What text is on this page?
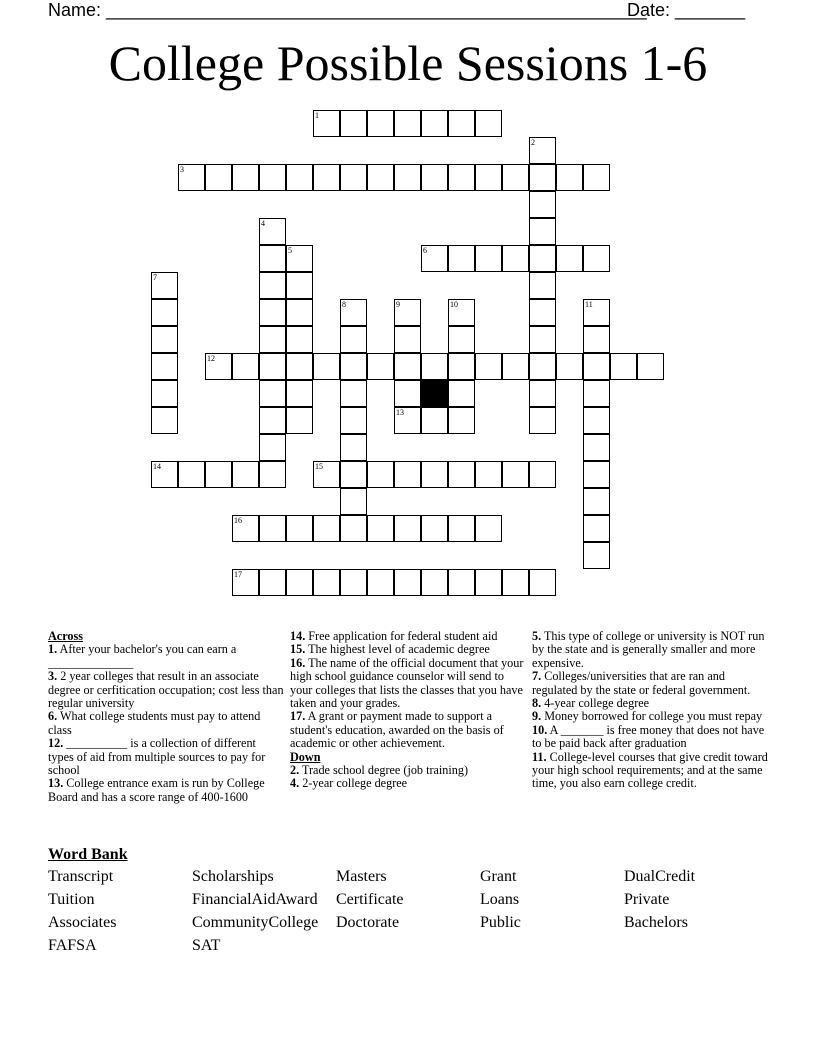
Name: ______________________________________________________
Date: _______
College Possible Sessions 1-6
1
2
3
4
5	6
7
8	9
13
10	11
12
14	15
16
17
Across
1. After your bachelor's you can earn a ______________
3. 2 year colleges that result in an associate degree or cerfitication occupation; cost less than regular university
6. What college students must pay to attend class
12. __________ is a collection of different types of aid from multiple sources to pay for school
13. College entrance exam is run by College Board and has a score range of 400-1600
14. Free application for federal student aid
15. The highest level of academic degree
16. The name of the official document that your high school guidance counselor will send to your colleges that lists the classes that you have taken and your grades.
17. A grant or payment made to support a student's education, awarded on the basis of academic or other achievement.
Down
2. Trade school degree (job training)
4. 2-year college degree
5. This type of college or university is NOT run by the state and is generally smaller and more expensive.
7. Colleges/universities that are ran and regulated by the state or federal government.
8. 4-year college degree
9. Money borrowed for college you must repay
10. A _______ is free money that does not have to be paid back after graduation
11. College-level courses that give credit toward your high school requirements; and at the same time, you also earn college credit.
Word Bank
Transcript	Scholarships	Masters	Grant	DualCredit
Tuition	FinancialAidAward Certificate	Loans	Private
Associates	CommunityCollege Doctorate	Public	Bachelors
FAFSA	SAT
